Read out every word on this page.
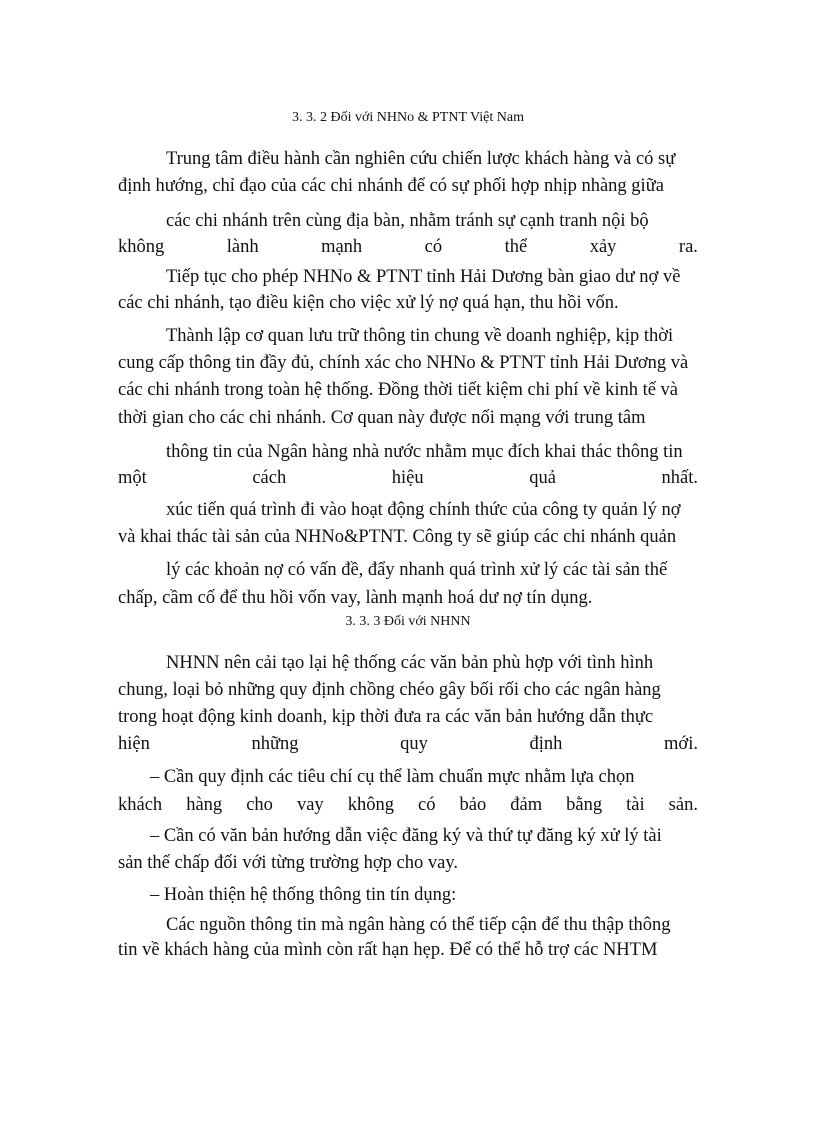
3. 3. 2 Đối với NHNo & PTNT Việt Nam
Trung tâm điều hành cần nghiên cứu chiến lược khách hàng và có sự
định hướng, chỉ đạo của các chi nhánh để có sự phối hợp nhịp nhàng giữa
các chi nhánh trên cùng địa bàn, nhằm tránh sự cạnh tranh nội bộ
không	lành	mạnh	có	thể	xảy	ra.
Tiếp tục cho phép NHNo & PTNT tỉnh Hải Dương bàn giao dư nợ về
các chi nhánh, tạo điều kiện cho việc xử lý nợ quá hạn, thu hồi vốn.
Thành lập cơ quan lưu trữ thông tin chung về doanh nghiệp, kịp thời
cung cấp thông tin đầy đủ, chính xác cho NHNo & PTNT tỉnh Hải Dương và
các chi nhánh trong toàn hệ thống. Đồng thời tiết kiệm chi phí về kinh tế và
thời gian cho các chi nhánh. Cơ quan này được nối mạng với trung tâm
thông tin của Ngân hàng nhà nước nhằm mục đích khai thác thông tin
một	cách	hiệu	quả	nhất.
xúc tiến quá trình đi vào hoạt động chính thức của công ty quản lý nợ
và khai thác tài sản của NHNo&PTNT. Công ty sẽ giúp các chi nhánh quản
lý các khoản nợ có vấn đề, đẩy nhanh quá trình xử lý các tài sản thế
chấp, cầm cố để thu hồi vốn vay, lành mạnh hoá dư nợ tín dụng.
3. 3. 3 Đối với NHNN
NHNN nên cải tạo lại hệ thống các văn bản phù hợp với tình hình
chung, loại bỏ những quy định chồng chéo gây bối rối cho các ngân hàng
trong hoạt động kinh doanh, kịp thời đưa ra các văn bản hướng dẫn thực
hiện	những	quy	định	mới.
– Cần quy định các tiêu chí cụ thể làm chuẩn mực nhằm lựa chọn
khách hàng cho vay không có bảo đảm bằng tài sản.
– Cần có văn bản hướng dẫn việc đăng ký và thứ tự đăng ký xử lý tài
sản thế chấp đối với từng trường hợp cho vay.
– Hoàn thiện hệ thống thông tin tín dụng:
Các nguồn thông tin mà ngân hàng có thể tiếp cận để thu thập thông
tin về khách hàng của mình còn rất hạn hẹp. Để có thể hỗ trợ các NHTM
